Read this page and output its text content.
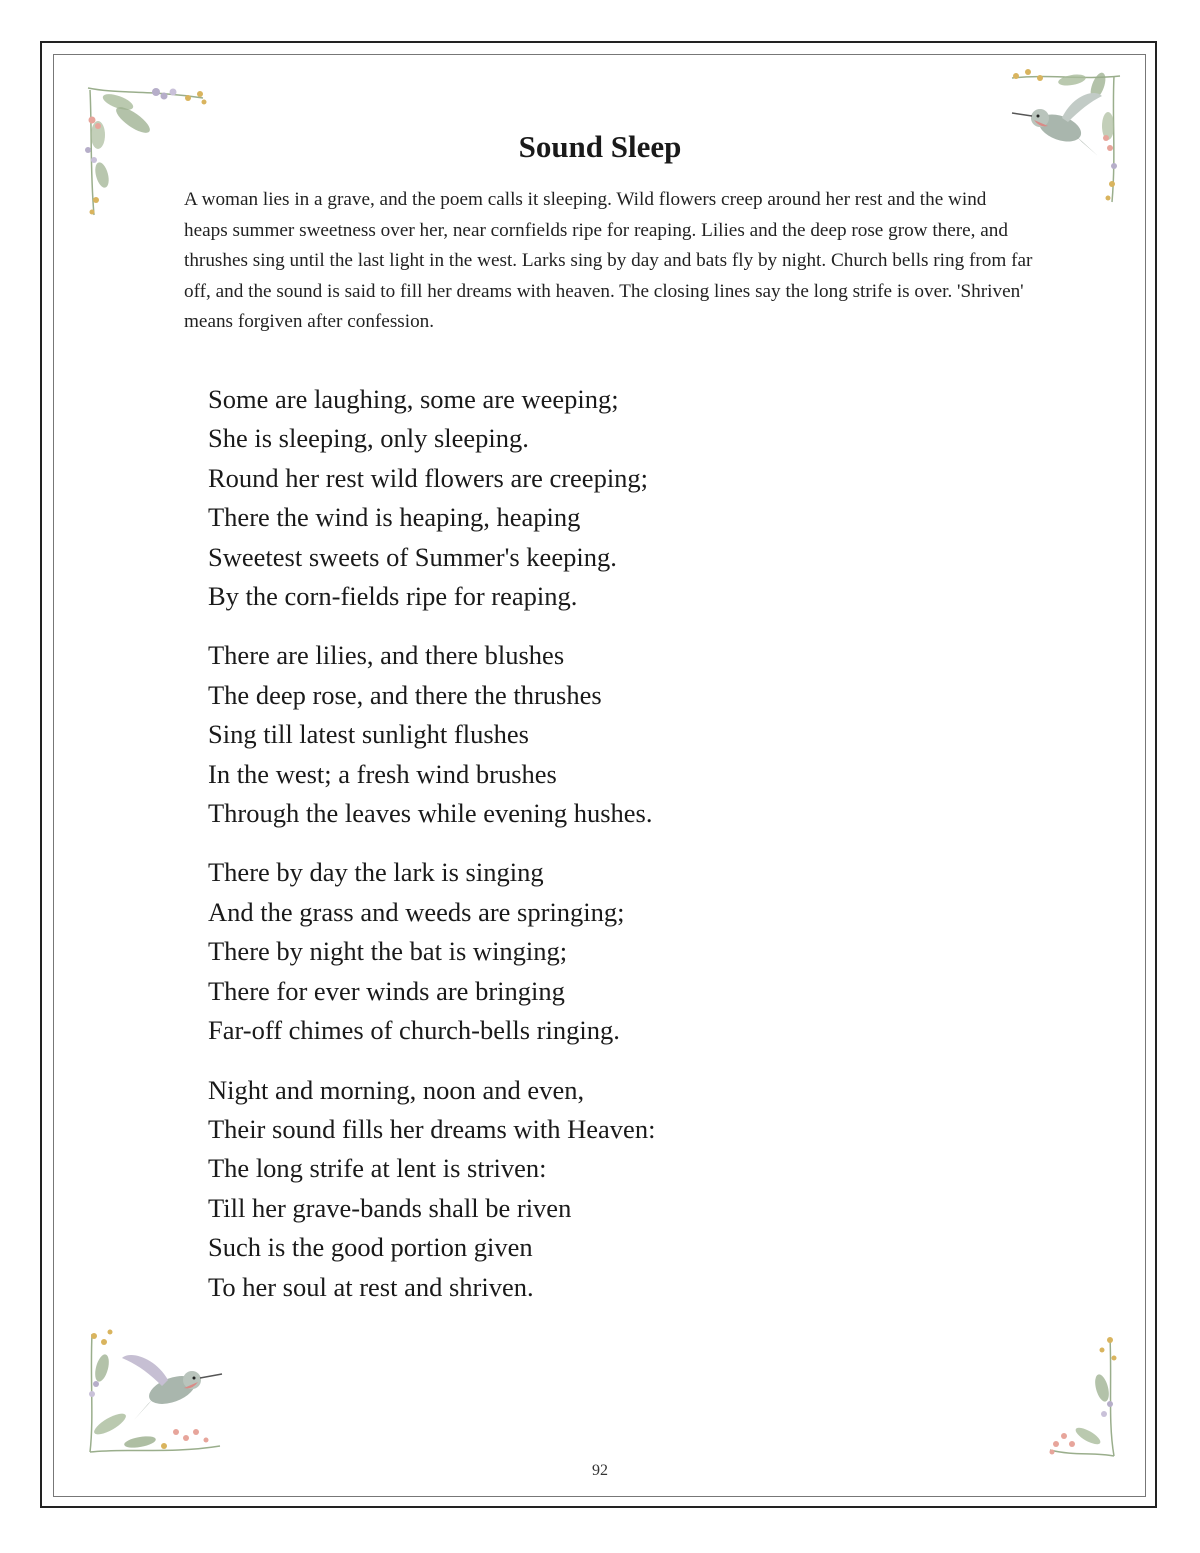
Sound Sleep

A woman lies in a grave, and the poem calls it sleeping. Wild flowers creep around her rest and the wind heaps summer sweetness over her, near cornfields ripe for reaping. Lilies and the deep rose grow there, and thrushes sing until the last light in the west. Larks sing by day and bats fly by night. Church bells ring from far off, and the sound is said to fill her dreams with heaven. The closing lines say the long strife is over. 'Shriven' means forgiven after confession.

Some are laughing, some are weeping;
She is sleeping, only sleeping.
Round her rest wild flowers are creeping;
There the wind is heaping, heaping
Sweetest sweets of Summer's keeping.
By the corn-fields ripe for reaping.
There are lilies, and there blushes
The deep rose, and there the thrushes
Sing till latest sunlight flushes
In the west; a fresh wind brushes
Through the leaves while evening hushes.
There by day the lark is singing
And the grass and weeds are springing;
There by night the bat is winging;
There for ever winds are bringing
Far-off chimes of church-bells ringing.
Night and morning, noon and even,
Their sound fills her dreams with Heaven:
The long strife at lent is striven:
Till her grave-bands shall be riven
Such is the good portion given
To her soul at rest and shriven.
92
